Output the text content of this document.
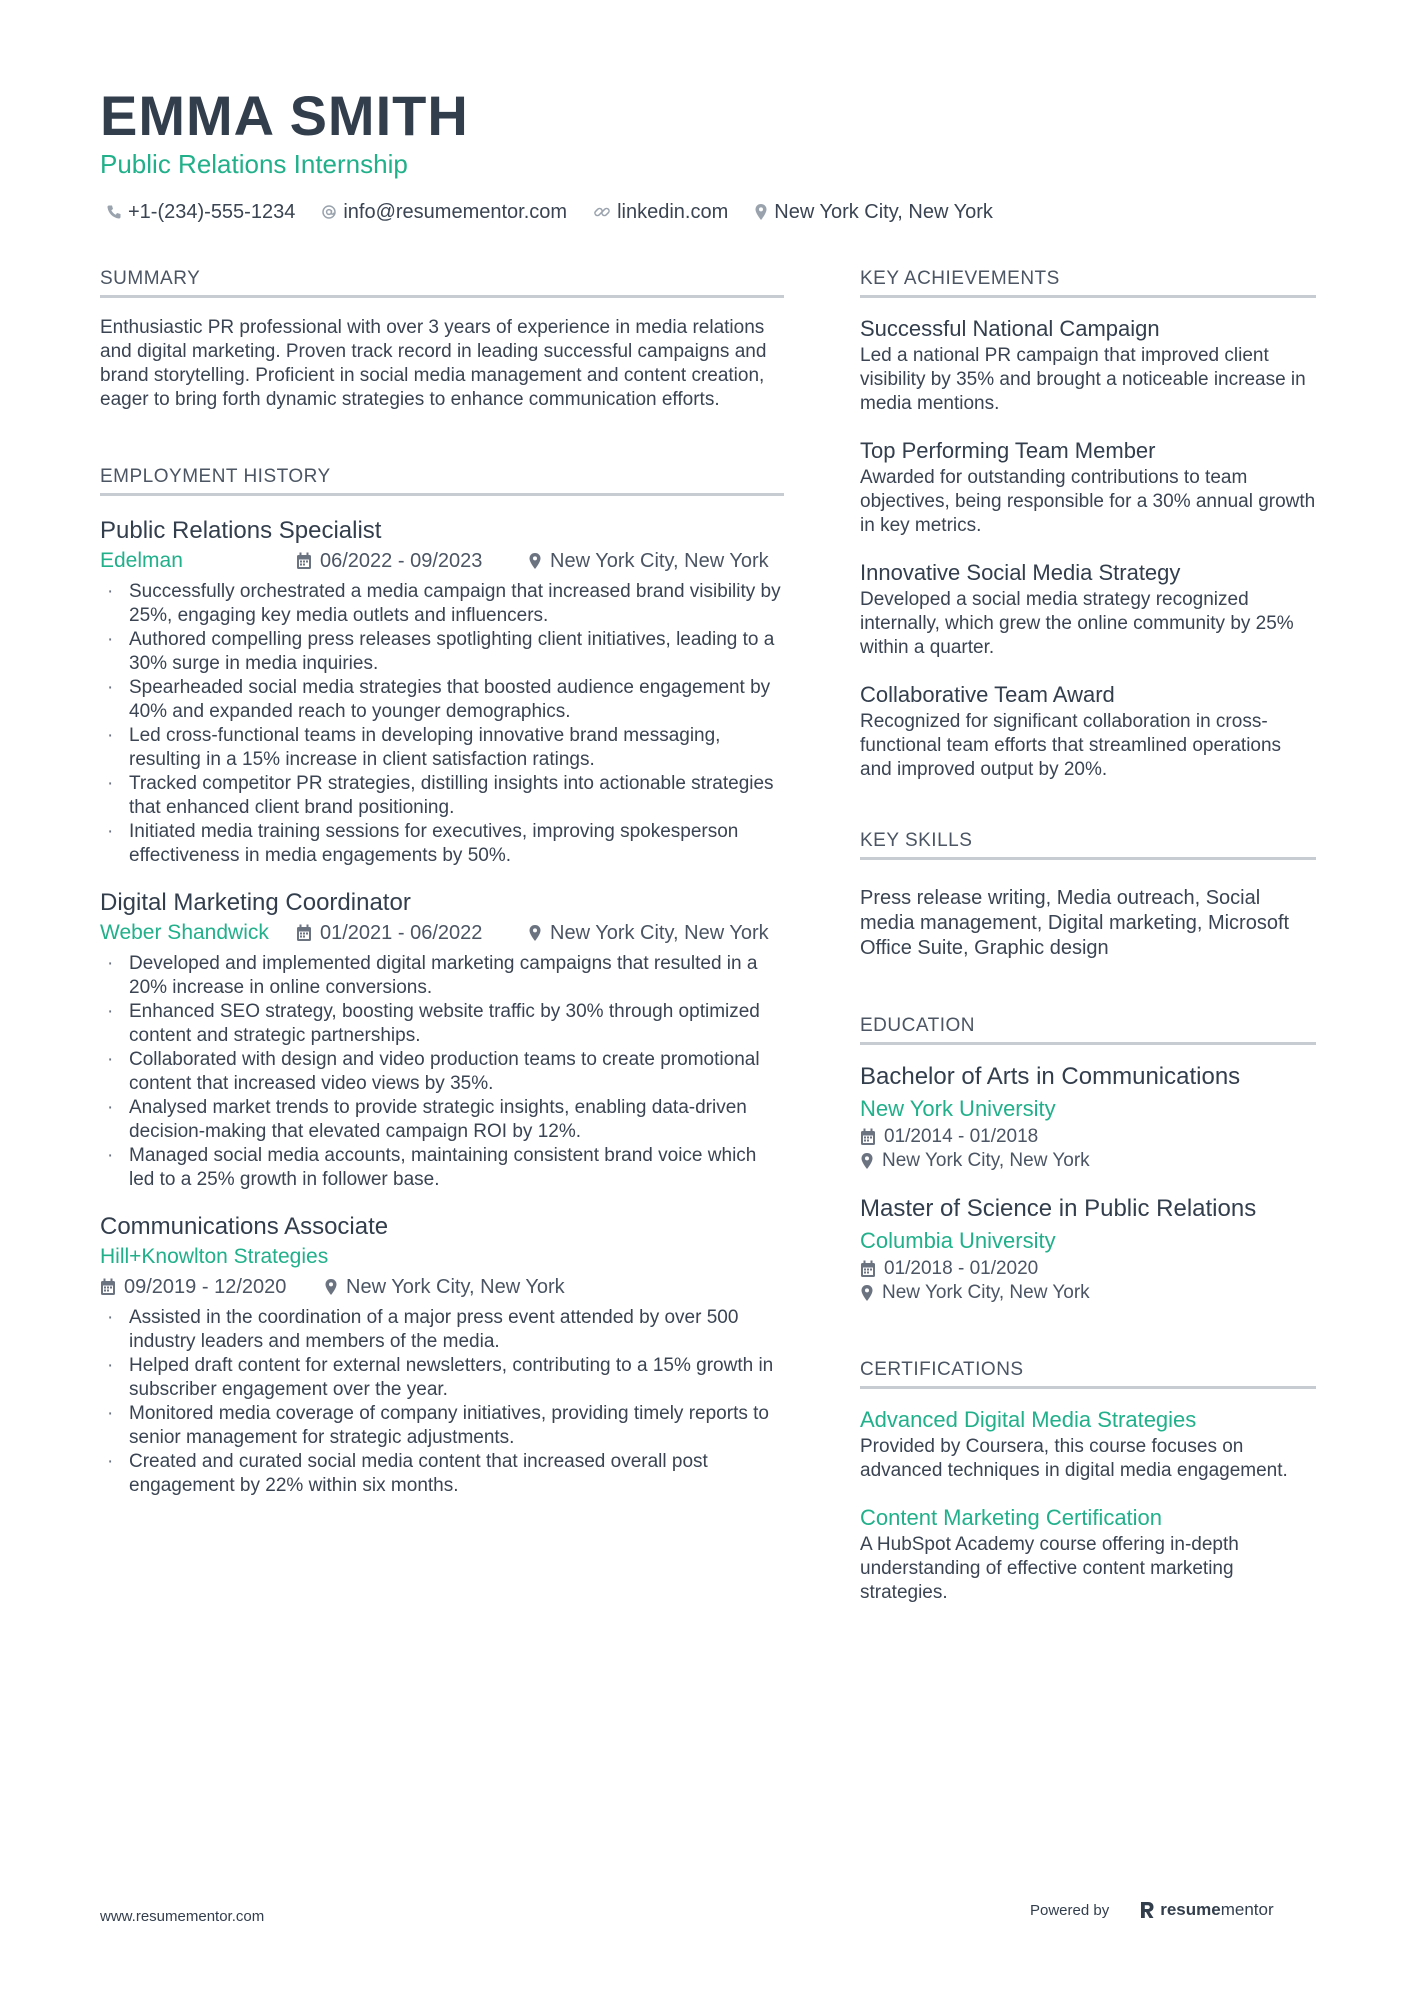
EMMA SMITH
Public Relations Internship
+1-(234)-555-1234 info@resumementor.com	linkedin.com New York City, New York
SUMMARY
Enthusiastic PR professional with over 3 years of experience in media relations and digital marketing. Proven track record in leading successful campaigns and brand storytelling. Proficient in social media management and content creation, eager to bring forth dynamic strategies to enhance communication efforts.
EMPLOYMENT HISTORY
Public Relations Specialist
Edelman	06/2022 - 09/2023	New York City, New York
· Successfully orchestrated a media campaign that increased brand visibility by 25%, engaging key media outlets and influencers.
· Authored compelling press releases spotlighting client initiatives, leading to a 30% surge in media inquiries.
· Spearheaded social media strategies that boosted audience engagement by 40% and expanded reach to younger demographics.
· Led cross-functional teams in developing innovative brand messaging, resulting in a 15% increase in client satisfaction ratings.
· Tracked competitor PR strategies, distilling insights into actionable strategies that enhanced client brand positioning.
· Initiated media training sessions for executives, improving spokesperson effectiveness in media engagements by 50%.
Digital Marketing Coordinator
Weber Shandwick	01/2021 - 06/2022	New York City, New York
· Developed and implemented digital marketing campaigns that resulted in a 20% increase in online conversions.
· Enhanced SEO strategy, boosting website traffic by 30% through optimized content and strategic partnerships.
· Collaborated with design and video production teams to create promotional content that increased video views by 35%.
· Analysed market trends to provide strategic insights, enabling data-driven decision-making that elevated campaign ROI by 12%.
· Managed social media accounts, maintaining consistent brand voice which led to a 25% growth in follower base.
Communications Associate
Hill+Knowlton Strategies
09/2019 - 12/2020	New York City, New York
· Assisted in the coordination of a major press event attended by over 500 industry leaders and members of the media.
· Helped draft content for external newsletters, contributing to a 15% growth in subscriber engagement over the year.
· Monitored media coverage of company initiatives, providing timely reports to senior management for strategic adjustments.
· Created and curated social media content that increased overall post engagement by 22% within six months.
KEY ACHIEVEMENTS
Successful National Campaign
Led a national PR campaign that improved client visibility by 35% and brought a noticeable increase in media mentions.
Top Performing Team Member
Awarded for outstanding contributions to team objectives, being responsible for a 30% annual growth in key metrics.
Innovative Social Media Strategy
Developed a social media strategy recognized internally, which grew the online community by 25% within a quarter.
Collaborative Team Award
Recognized for significant collaboration in cross-functional team efforts that streamlined operations and improved output by 20%.
KEY SKILLS
Press release writing, Media outreach, Social media management, Digital marketing, Microsoft Office Suite, Graphic design
EDUCATION
Bachelor of Arts in Communications
New York University
01/2014 - 01/2018
New York City, New York
Master of Science in Public Relations
Columbia University
01/2018 - 01/2020
New York City, New York
CERTIFICATIONS
Advanced Digital Media Strategies
Provided by Coursera, this course focuses on advanced techniques in digital media engagement.
Content Marketing Certification
A HubSpot Academy course offering in-depth understanding of effective content marketing strategies.
www.resumementor.com	Powered by	resume mentor
